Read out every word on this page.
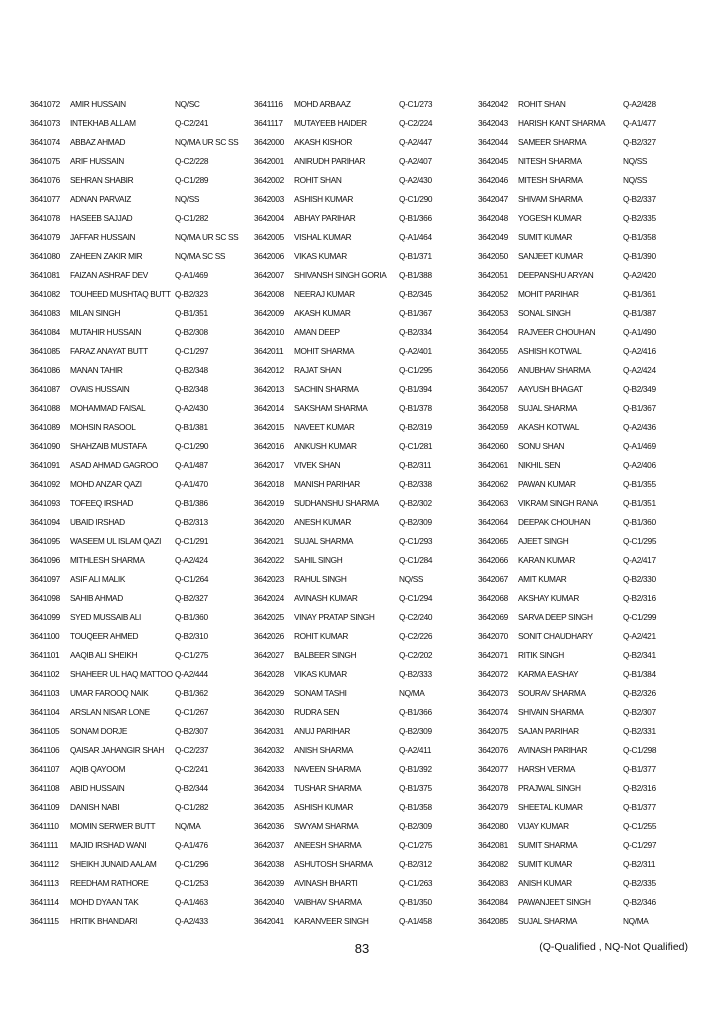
3641072	AMIR HUSSAIN	NQ/SC
3641073	INTEKHAB ALLAM	Q-C2/241
3641074	ABBAZ AHMAD	NQ/MA UR SC SS
3641075	ARIF HUSSAIN	Q-C2/228
3641076	SEHRAN SHABIR	Q-C1/289
3641077	ADNAN PARVAIZ	NQ/SS
3641078	HASEEB SAJJAD	Q-C1/282
3641079	JAFFAR HUSSAIN	NQ/MA UR SC SS
3641080	ZAHEEN ZAKIR MIR	NQ/MA SC SS
3641081	FAIZAN ASHRAF DEV	Q-A1/469
3641082	TOUHEED MUSHTAQ BUTT Q-B2/323
3641083	MILAN SINGH	Q-B1/351
3641084	MUTAHIR HUSSAIN	Q-B2/308
3641085	FARAZ ANAYAT BUTT	Q-C1/297
3641086	MANAN TAHIR	Q-B2/348
3641087	OVAIS HUSSAIN	Q-B2/348
3641088	MOHAMMAD FAISAL	Q-A2/430
3641089	MOHSIN RASOOL	Q-B1/381
3641090	SHAHZAIB MUSTAFA	Q-C1/290
3641091	ASAD AHMAD GAGROO	Q-A1/487
3641092	MOHD ANZAR QAZI	Q-A1/470
3641093	TOFEEQ IRSHAD	Q-B1/386
3641094	UBAID IRSHAD	Q-B2/313
3641095	WASEEM UL ISLAM QAZI	Q-C1/291
3641096	MITHLESH SHARMA	Q-A2/424
3641097	ASIF ALI MALIK	Q-C1/264
3641098	SAHIB AHMAD	Q-B2/327
3641099	SYED MUSSAIB ALI	Q-B1/360
3641100	TOUQEER AHMED	Q-B2/310
3641101	AAQIB ALI SHEIKH	Q-C1/275
3641102	SHAHEER UL HAQ MATTOO Q-A2/444
3641103	UMAR FAROOQ NAIK	Q-B1/362
3641104	ARSLAN NISAR LONE	Q-C1/267
3641105	SONAM DORJE	Q-B2/307
3641106	QAISAR JAHANGIR SHAH	Q-C2/237
3641107	AQIB QAYOOM	Q-C2/241
3641108	ABID HUSSAIN	Q-B2/344
3641109	DANISH NABI	Q-C1/282
3641110	MOMIN SERWER BUTT	NQ/MA
3641111	MAJID IRSHAD WANI	Q-A1/476
3641112	SHEIKH JUNAID AALAM	Q-C1/296
3641113	REEDHAM RATHORE	Q-C1/253
3641114	MOHD DYAAN TAK	Q-A1/463
3641115	HRITIK BHANDARI	Q-A2/433
3641116	MOHD ARBAAZ	Q-C1/273
3641117	MUTAYEEB HAIDER	Q-C2/224
3642000	AKASH KISHOR	Q-A2/447
3642001	ANIRUDH PARIHAR	Q-A2/407
3642002	ROHIT SHAN	Q-A2/430
3642003	ASHISH KUMAR	Q-C1/290
3642004	ABHAY PARIHAR	Q-B1/366
3642005	VISHAL KUMAR	Q-A1/464
3642006	VIKAS KUMAR	Q-B1/371
3642007	SHIVANSH SINGH GORIA	Q-B1/388
3642008	NEERAJ KUMAR	Q-B2/345
3642009	AKASH KUMAR	Q-B1/367
3642010	AMAN DEEP	Q-B2/334
3642011	MOHIT SHARMA	Q-A2/401
3642012	RAJAT SHAN	Q-C1/295
3642013	SACHIN SHARMA	Q-B1/394
3642014	SAKSHAM SHARMA	Q-B1/378
3642015	NAVEET KUMAR	Q-B2/319
3642016	ANKUSH KUMAR	Q-C1/281
3642017	VIVEK SHAN	Q-B2/311
3642018	MANISH PARIHAR	Q-B2/338
3642019	SUDHANSHU SHARMA	Q-B2/302
3642020	ANESH KUMAR	Q-B2/309
3642021	SUJAL SHARMA	Q-C1/293
3642022	SAHIL SINGH	Q-C1/284
3642023	RAHUL SINGH	NQ/SS
3642024	AVINASH KUMAR	Q-C1/294
3642025	VINAY PRATAP SINGH	Q-C2/240
3642026	ROHIT KUMAR	Q-C2/226
3642027	BALBEER SINGH	Q-C2/202
3642028	VIKAS KUMAR	Q-B2/333
3642029	SONAM TASHI	NQ/MA
3642030	RUDRA SEN	Q-B1/366
3642031	ANUJ PARIHAR	Q-B2/309
3642032	ANISH SHARMA	Q-A2/411
3642033	NAVEEN SHARMA	Q-B1/392
3642034	TUSHAR SHARMA	Q-B1/375
3642035	ASHISH KUMAR	Q-B1/358
3642036	SWYAM SHARMA	Q-B2/309
3642037	ANEESH SHARMA	Q-C1/275
3642038	ASHUTOSH SHARMA	Q-B2/312
3642039	AVINASH BHARTI	Q-C1/263
3642040	VAIBHAV SHARMA	Q-B1/350
3642041	KARANVEER SINGH	Q-A1/458
3642042	ROHIT SHAN	Q-A2/428
3642043	HARISH KANT SHARMA	Q-A1/477
3642044	SAMEER SHARMA	Q-B2/327
3642045	NITESH SHARMA	NQ/SS
3642046	MITESH SHARMA	NQ/SS
3642047	SHIVAM SHARMA	Q-B2/337
3642048	YOGESH KUMAR	Q-B2/335
3642049	SUMIT KUMAR	Q-B1/358
3642050	SANJEET KUMAR	Q-B1/390
3642051	DEEPANSHU ARYAN	Q-A2/420
3642052	MOHIT PARIHAR	Q-B1/361
3642053	SONAL SINGH	Q-B1/387
3642054	RAJVEER CHOUHAN	Q-A1/490
3642055	ASHISH KOTWAL	Q-A2/416
3642056	ANUBHAV SHARMA	Q-A2/424
3642057	AAYUSH BHAGAT	Q-B2/349
3642058	SUJAL SHARMA	Q-B1/367
3642059	AKASH KOTWAL	Q-A2/436
3642060	SONU SHAN	Q-A1/469
3642061	NIKHIL SEN	Q-A2/406
3642062	PAWAN KUMAR	Q-B1/355
3642063	VIKRAM SINGH RANA	Q-B1/351
3642064	DEEPAK CHOUHAN	Q-B1/360
3642065	AJEET SINGH	Q-C1/295
3642066	KARAN KUMAR	Q-A2/417
3642067	AMIT KUMAR	Q-B2/330
3642068	AKSHAY KUMAR	Q-B2/316
3642069	SARVA DEEP SINGH	Q-C1/299
3642070	SONIT CHAUDHARY	Q-A2/421
3642071	RITIK SINGH	Q-B2/341
3642072	KARMA EASHAY	Q-B1/384
3642073	SOURAV SHARMA	Q-B2/326
3642074	SHIVAIN SHARMA	Q-B2/307
3642075	SAJAN PARIHAR	Q-B2/331
3642076	AVINASH PARIHAR	Q-C1/298
3642077	HARSH VERMA	Q-B1/377
3642078	PRAJWAL SINGH	Q-B2/316
3642079	SHEETAL KUMAR	Q-B1/377
3642080	VIJAY KUMAR	Q-C1/255
3642081	SUMIT SHARMA	Q-C1/297
3642082	SUMIT KUMAR	Q-B2/311
3642083	ANISH KUMAR	Q-B2/335
3642084	PAWANJEET SINGH	Q-B2/346
3642085	SUJAL SHARMA	NQ/MA
83	(Q-Qualified , NQ-Not Qualified)
